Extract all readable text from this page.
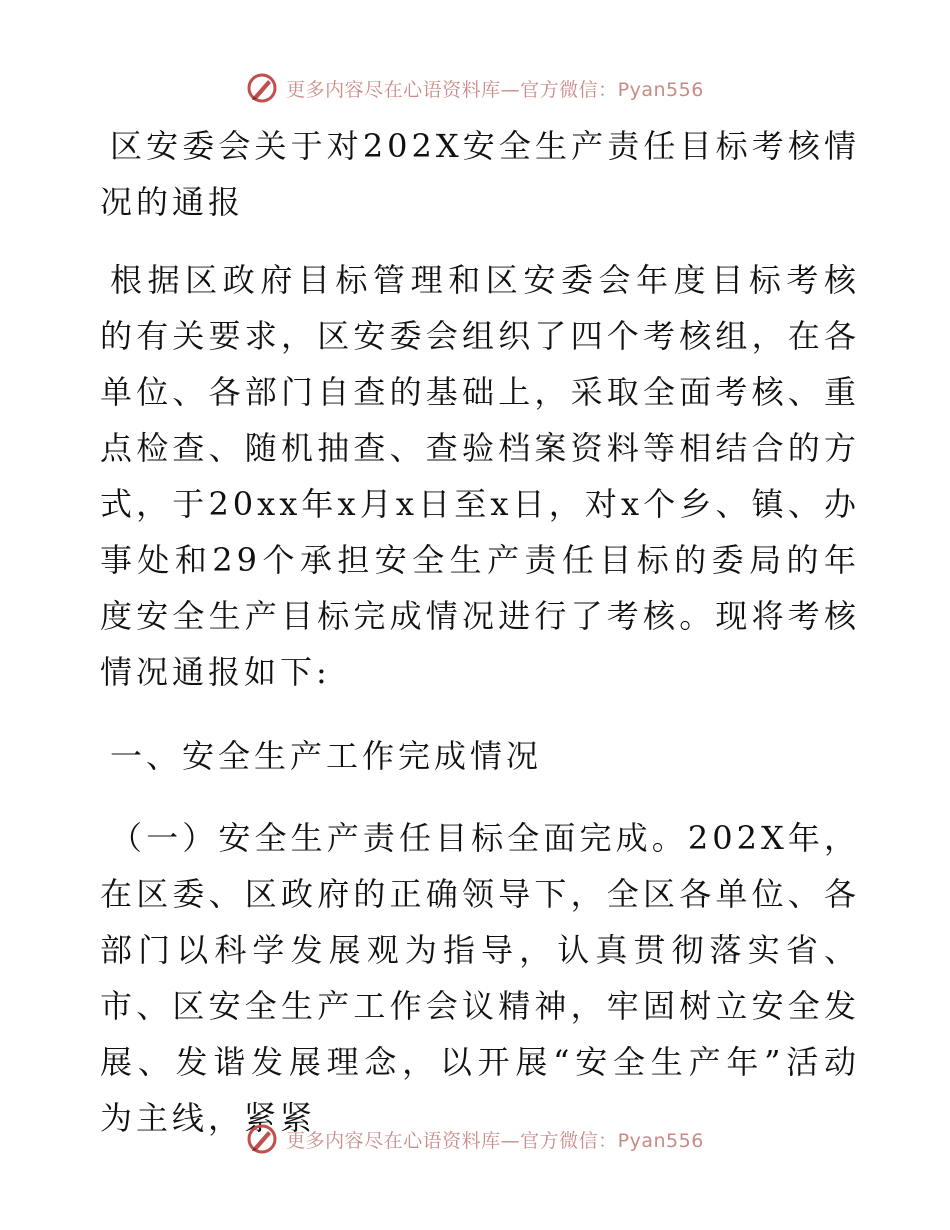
更多内容尽在心语资料库—官方微信：Pyan556

区安委会关于对202X安全生产责任目标考核情况的通报

根据区政府目标管理和区安委会年度目标考核的有关要求，区安委会组织了四个考核组，在各单位、各部门自查的基础上，采取全面考核、重点检查、随机抽查、查验档案资料等相结合的方式，于20xx年x月x日至x日，对x个乡、镇、办事处和29个承担安全生产责任目标的委局的年度安全生产目标完成情况进行了考核。现将考核情况通报如下:

一、安全生产工作完成情况

（一）安全生产责任目标全面完成。202X年，在区委、区政府的正确领导下，全区各单位、各部门以科学发展观为指导，认真贯彻落实省、市、区安全生产工作会议精神，牢固树立安全发展、发谐发展理念，以开展“安全生产年”活动为主线，紧紧

更多内容尽在心语资料库—官方微信：Pyan556
